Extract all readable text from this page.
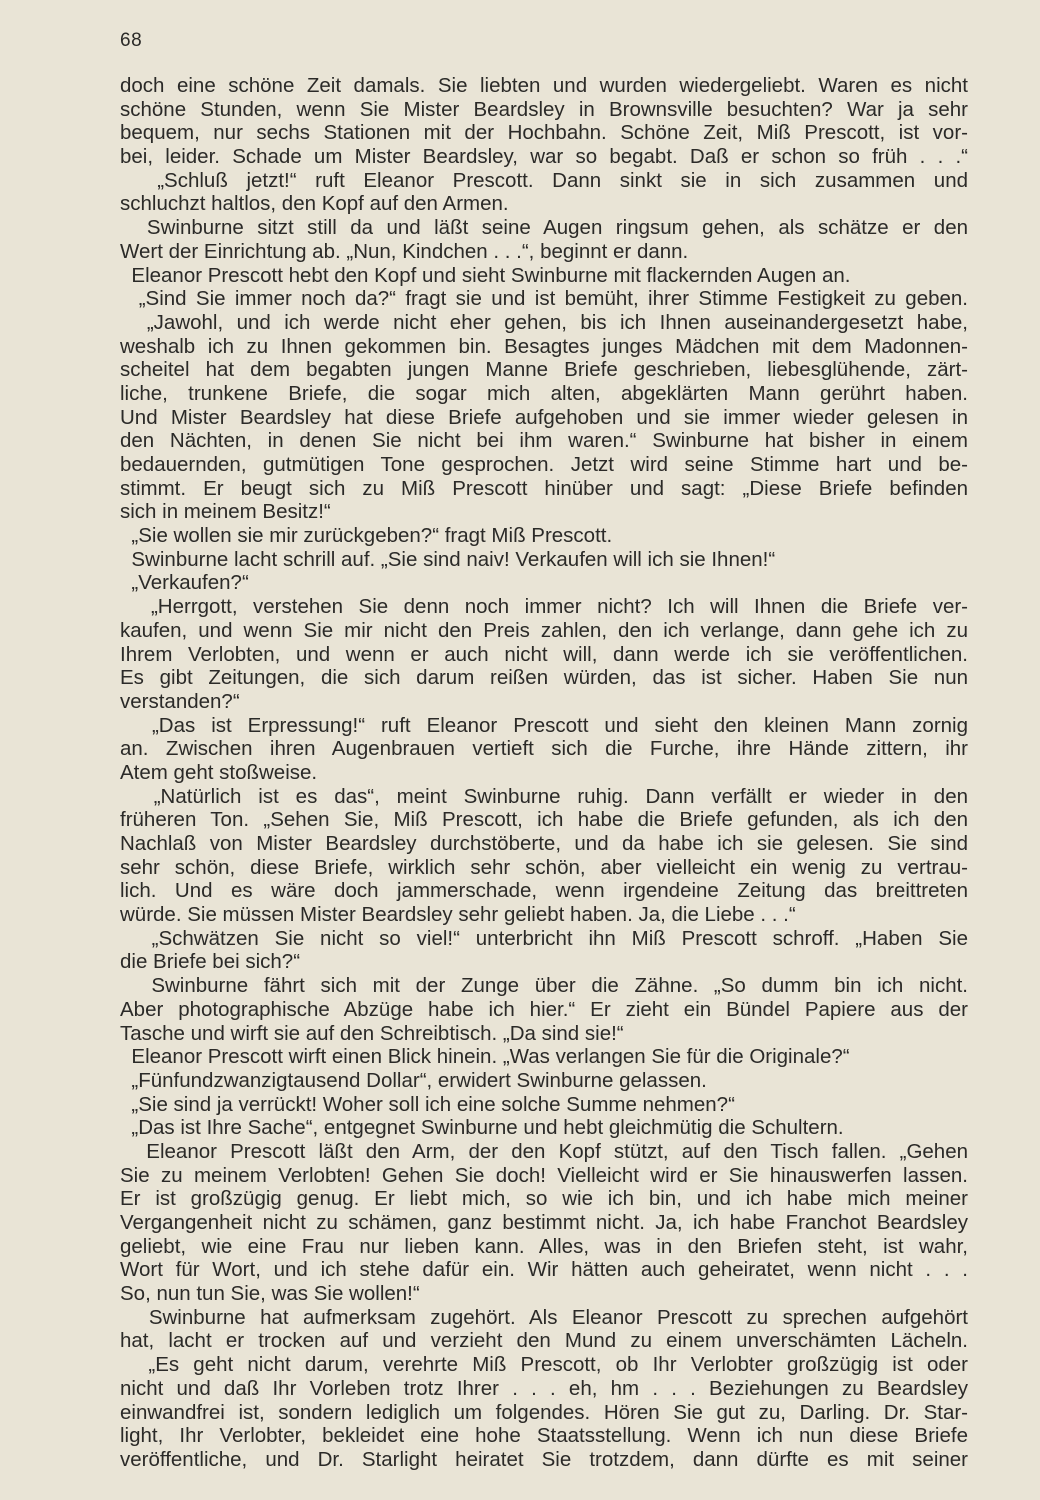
68
doch eine schöne Zeit damals. Sie liebten und wurden wiedergeliebt. Waren es nicht
schöne Stunden, wenn Sie Mister Beardsley in Brownsville besuchten? War ja sehr
bequem, nur sechs Stationen mit der Hochbahn. Schöne Zeit, Miß Prescott, ist vor-
bei, leider. Schade um Mister Beardsley, war so begabt. Daß er schon so früh . . .“
„Schluß jetzt!“ ruft Eleanor Prescott. Dann sinkt sie in sich zusammen und
schluchzt haltlos, den Kopf auf den Armen.
Swinburne sitzt still da und läßt seine Augen ringsum gehen, als schätze er den
Wert der Einrichtung ab. „Nun, Kindchen . . .“, beginnt er dann.
Eleanor Prescott hebt den Kopf und sieht Swinburne mit flackernden Augen an.
„Sind Sie immer noch da?“ fragt sie und ist bemüht, ihrer Stimme Festigkeit zu geben.
„Jawohl, und ich werde nicht eher gehen, bis ich Ihnen auseinandergesetzt habe,
weshalb ich zu Ihnen gekommen bin. Besagtes junges Mädchen mit dem Madonnen-
scheitel hat dem begabten jungen Manne Briefe geschrieben, liebesglühende, zärt-
liche, trunkene Briefe, die sogar mich alten, abgeklärten Mann gerührt haben.
Und Mister Beardsley hat diese Briefe aufgehoben und sie immer wieder gelesen in
den Nächten, in denen Sie nicht bei ihm waren.“ Swinburne hat bisher in einem
bedauernden, gutmütigen Tone gesprochen. Jetzt wird seine Stimme hart und be-
stimmt. Er beugt sich zu Miß Prescott hinüber und sagt: „Diese Briefe befinden
sich in meinem Besitz!“
„Sie wollen sie mir zurückgeben?“ fragt Miß Prescott.
Swinburne lacht schrill auf. „Sie sind naiv! Verkaufen will ich sie Ihnen!“
„Verkaufen?“
„Herrgott, verstehen Sie denn noch immer nicht? Ich will Ihnen die Briefe ver-
kaufen, und wenn Sie mir nicht den Preis zahlen, den ich verlange, dann gehe ich zu
Ihrem Verlobten, und wenn er auch nicht will, dann werde ich sie veröffentlichen.
Es gibt Zeitungen, die sich darum reißen würden, das ist sicher. Haben Sie nun
verstanden?“
„Das ist Erpressung!“ ruft Eleanor Prescott und sieht den kleinen Mann zornig
an. Zwischen ihren Augenbrauen vertieft sich die Furche, ihre Hände zittern, ihr
Atem geht stoßweise.
„Natürlich ist es das“, meint Swinburne ruhig. Dann verfällt er wieder in den
früheren Ton. „Sehen Sie, Miß Prescott, ich habe die Briefe gefunden, als ich den
Nachlaß von Mister Beardsley durchstöberte, und da habe ich sie gelesen. Sie sind
sehr schön, diese Briefe, wirklich sehr schön, aber vielleicht ein wenig zu vertrau-
lich. Und es wäre doch jammerschade, wenn irgendeine Zeitung das breittreten
würde. Sie müssen Mister Beardsley sehr geliebt haben. Ja, die Liebe . . .“
„Schwätzen Sie nicht so viel!“ unterbricht ihn Miß Prescott schroff. „Haben Sie
die Briefe bei sich?“
Swinburne fährt sich mit der Zunge über die Zähne. „So dumm bin ich nicht.
Aber photographische Abzüge habe ich hier.“ Er zieht ein Bündel Papiere aus der
Tasche und wirft sie auf den Schreibtisch. „Da sind sie!“
Eleanor Prescott wirft einen Blick hinein. „Was verlangen Sie für die Originale?“
„Fünfundzwanzigtausend Dollar“, erwidert Swinburne gelassen.
„Sie sind ja verrückt! Woher soll ich eine solche Summe nehmen?“
„Das ist Ihre Sache“, entgegnet Swinburne und hebt gleichmütig die Schultern.
Eleanor Prescott läßt den Arm, der den Kopf stützt, auf den Tisch fallen. „Gehen
Sie zu meinem Verlobten! Gehen Sie doch! Vielleicht wird er Sie hinauswerfen lassen.
Er ist großzügig genug. Er liebt mich, so wie ich bin, und ich habe mich meiner
Vergangenheit nicht zu schämen, ganz bestimmt nicht. Ja, ich habe Franchot Beardsley
geliebt, wie eine Frau nur lieben kann. Alles, was in den Briefen steht, ist wahr,
Wort für Wort, und ich stehe dafür ein. Wir hätten auch geheiratet, wenn nicht . . .
So, nun tun Sie, was Sie wollen!“
Swinburne hat aufmerksam zugehört. Als Eleanor Prescott zu sprechen aufgehört
hat, lacht er trocken auf und verzieht den Mund zu einem unverschämten Lächeln.
„Es geht nicht darum, verehrte Miß Prescott, ob Ihr Verlobter großzügig ist oder
nicht und daß Ihr Vorleben trotz Ihrer . . . eh, hm . . . Beziehungen zu Beardsley
einwandfrei ist, sondern lediglich um folgendes. Hören Sie gut zu, Darling. Dr. Star-
light, Ihr Verlobter, bekleidet eine hohe Staatsstellung. Wenn ich nun diese Briefe
veröffentliche, und Dr. Starlight heiratet Sie trotzdem, dann dürfte es mit seiner
